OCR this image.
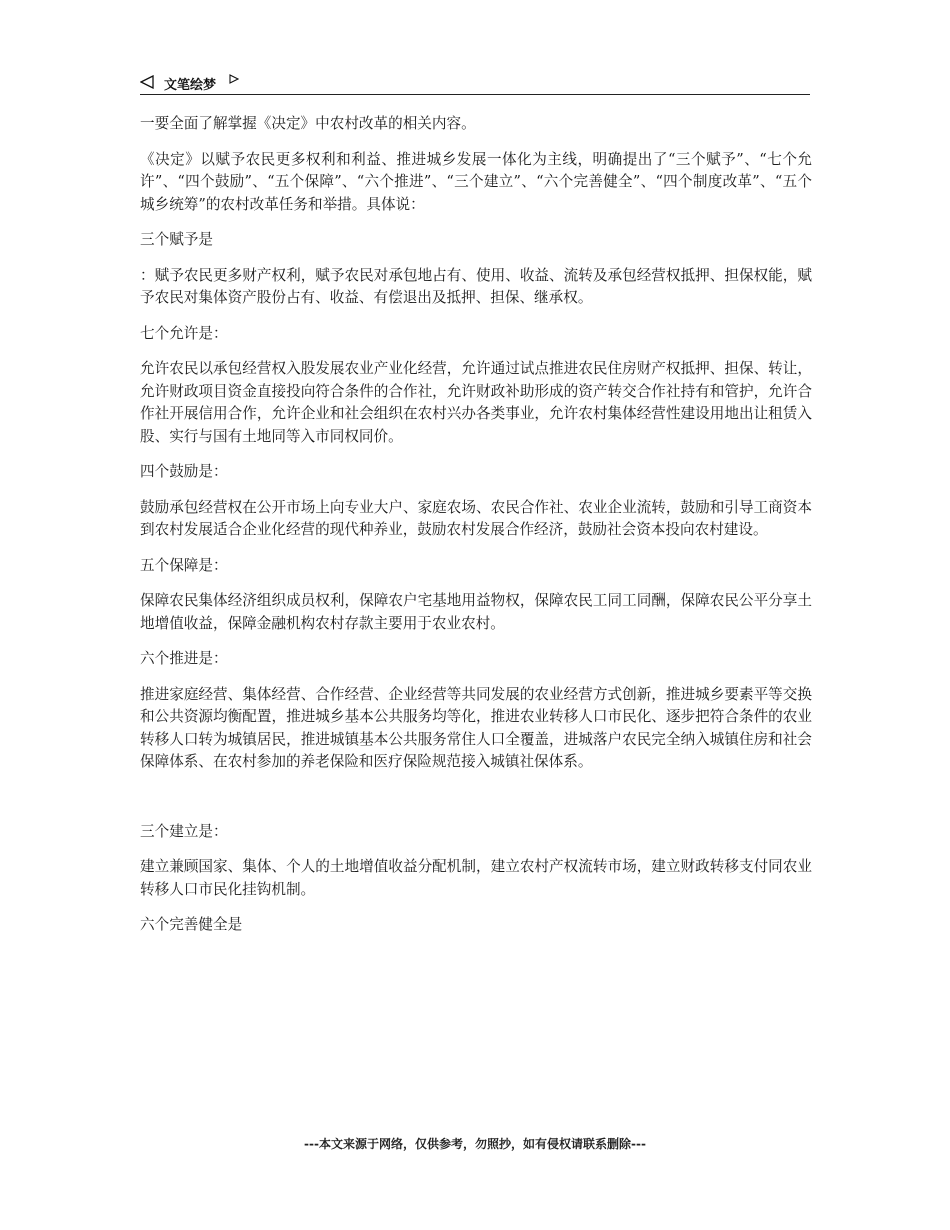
文笔绘梦

一要全面了解掌握《决定》中农村改革的相关内容。

《决定》以赋予农民更多权利和利益、推进城乡发展一体化为主线，明确提出了“三个赋予”、“七个允许”、“四个鼓励”、“五个保障”、“六个推进”、“三个建立”、“六个完善健全”、“四个制度改革”、“五个城乡统筹”的农村改革任务和举措。具体说：

三个赋予是

：赋予农民更多财产权利，赋予农民对承包地占有、使用、收益、流转及承包经营权抵押、担保权能，赋予农民对集体资产股份占有、收益、有偿退出及抵押、担保、继承权。

七个允许是：

允许农民以承包经营权入股发展农业产业化经营，允许通过试点推进农民住房财产权抵押、担保、转让，允许财政项目资金直接投向符合条件的合作社，允许财政补助形成的资产转交合作社持有和管护，允许合作社开展信用合作，允许企业和社会组织在农村兴办各类事业，允许农村集体经营性建设用地出让租赁入股、实行与国有土地同等入市同权同价。

四个鼓励是：

鼓励承包经营权在公开市场上向专业大户、家庭农场、农民合作社、农业企业流转，鼓励和引导工商资本到农村发展适合企业化经营的现代种养业，鼓励农村发展合作经济，鼓励社会资本投向农村建设。

五个保障是：

保障农民集体经济组织成员权利，保障农户宅基地用益物权，保障农民工同工同酬，保障农民公平分享土地增值收益，保障金融机构农村存款主要用于农业农村。

六个推进是：

推进家庭经营、集体经营、合作经营、企业经营等共同发展的农业经营方式创新，推进城乡要素平等交换和公共资源均衡配置，推进城乡基本公共服务均等化，推进农业转移人口市民化、逐步把符合条件的农业转移人口转为城镇居民，推进城镇基本公共服务常住人口全覆盖，进城落户农民完全纳入城镇住房和社会保障体系、在农村参加的养老保险和医疗保险规范接入城镇社保体系。

三个建立是：

建立兼顾国家、集体、个人的土地增值收益分配机制，建立农村产权流转市场，建立财政转移支付同农业转移人口市民化挂钩机制。

六个完善健全是

---本文来源于网络，仅供参考，勿照抄，如有侵权请联系删除---
